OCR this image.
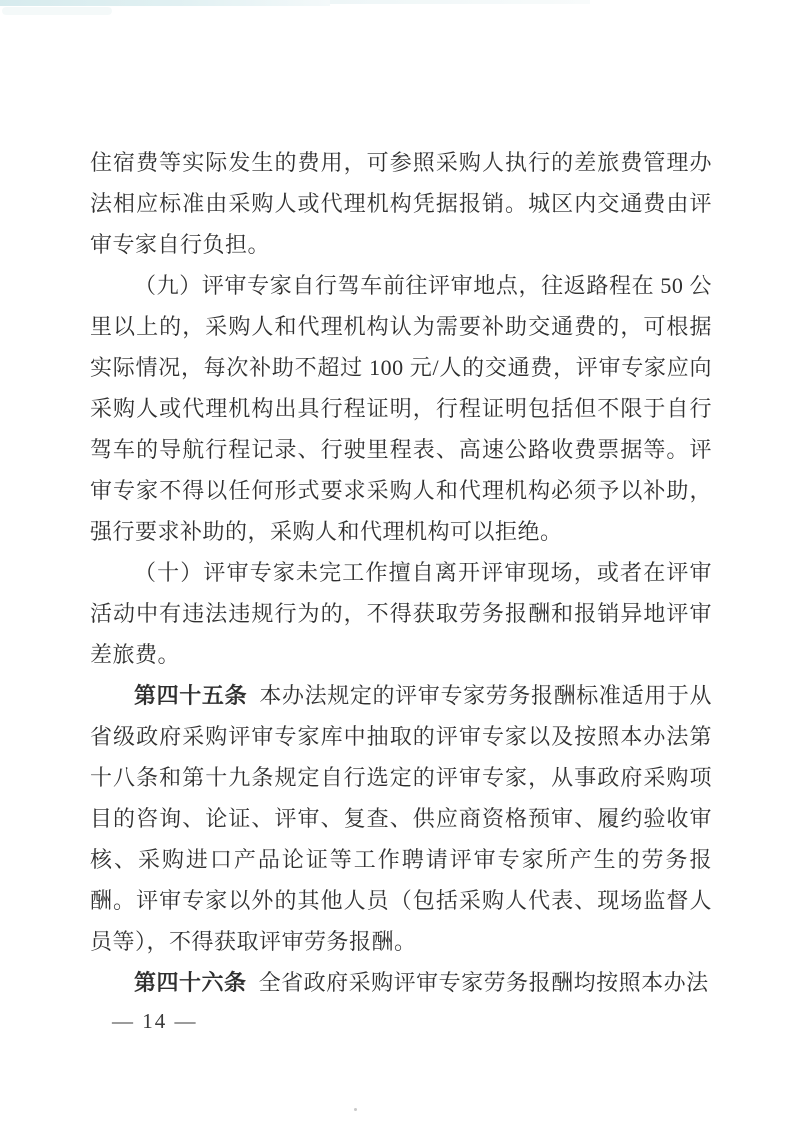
住宿费等实际发生的费用，可参照采购人执行的差旅费管理办法相应标准由采购人或代理机构凭据报销。城区内交通费由评审专家自行负担。

（九）评审专家自行驾车前往评审地点，往返路程在 50 公里以上的，采购人和代理机构认为需要补助交通费的，可根据实际情况，每次补助不超过 100 元/人的交通费，评审专家应向采购人或代理机构出具行程证明，行程证明包括但不限于自行驾车的导航行程记录、行驶里程表、高速公路收费票据等。评审专家不得以任何形式要求采购人和代理机构必须予以补助，强行要求补助的，采购人和代理机构可以拒绝。

（十）评审专家未完工作擅自离开评审现场，或者在评审活动中有违法违规行为的，不得获取劳务报酬和报销异地评审差旅费。

第四十五条 本办法规定的评审专家劳务报酬标准适用于从省级政府采购评审专家库中抽取的评审专家以及按照本办法第十八条和第十九条规定自行选定的评审专家，从事政府采购项目的咨询、论证、评审、复查、供应商资格预审、履约验收审核、采购进口产品论证等工作聘请评审专家所产生的劳务报酬。评审专家以外的其他人员（包括采购人代表、现场监督人员等），不得获取评审劳务报酬。

第四十六条 全省政府采购评审专家劳务报酬均按照本办法

— 14 —
